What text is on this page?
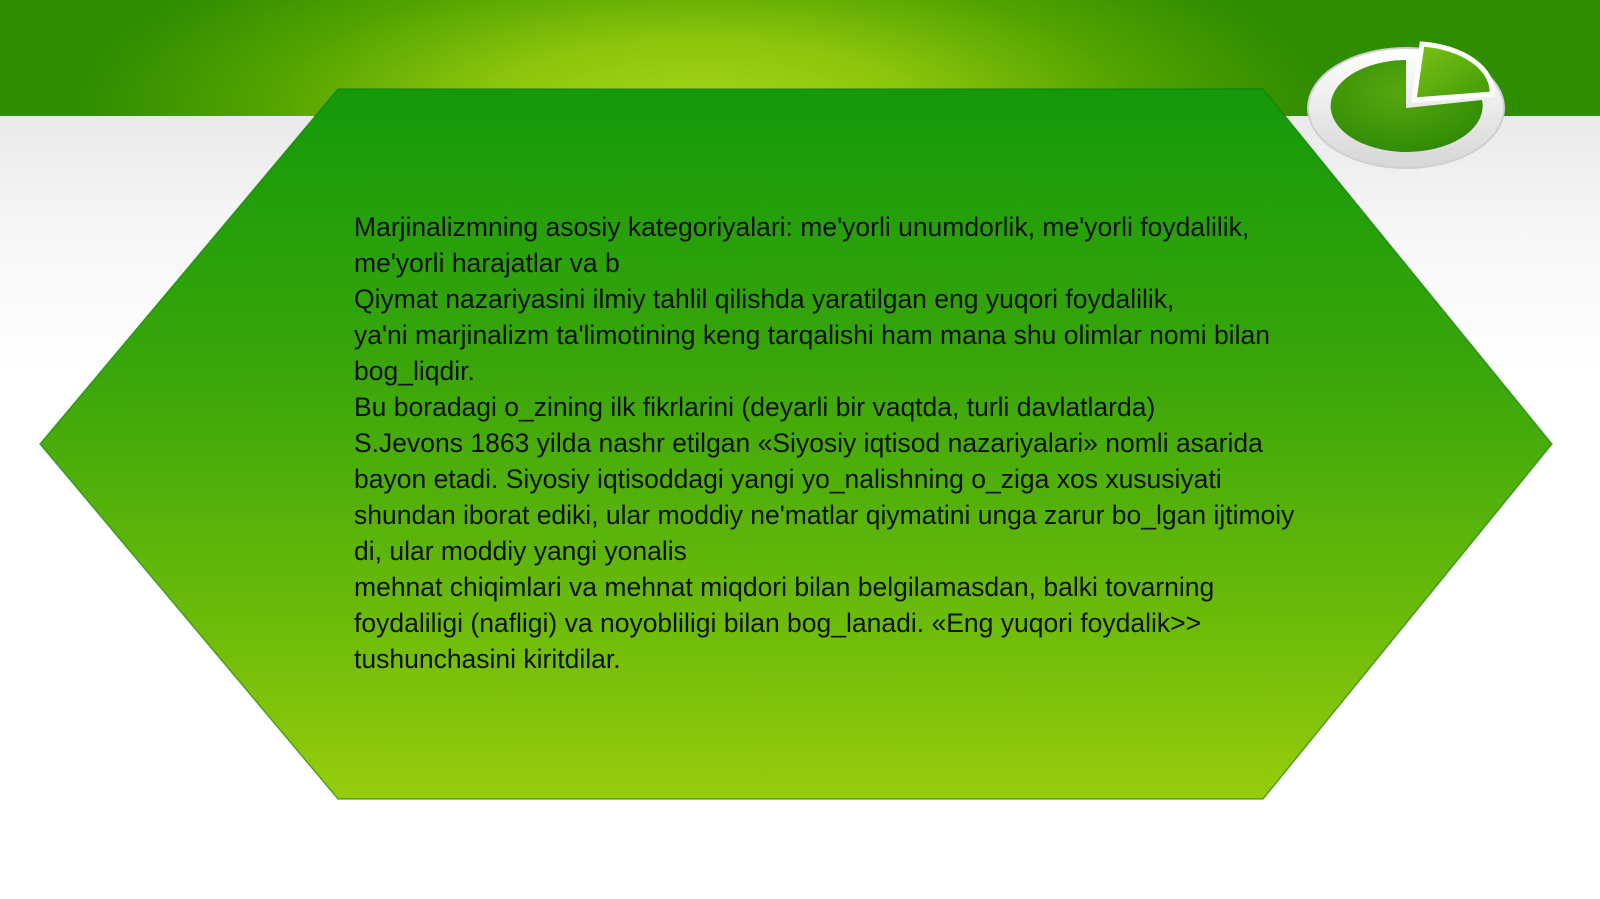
Marjinalizmning asosiy kategoriyalari: me'yorli unumdorlik, me'yorli foydalilik,
me'yorli harajatlar va b
Qiymat nazariyasini ilmiy tahlil qilishda yaratilgan eng yuqori foydalilik,
ya'ni marjinalizm ta'limotining keng tarqalishi ham mana shu olimlar nomi bilan
bog_liqdir.
Bu boradagi o_zining ilk fikrlarini (deyarli bir vaqtda, turli davlatlarda)
S.Jevons 1863 yilda nashr etilgan «Siyosiy iqtisod nazariyalari» nomli asarida
bayon etadi. Siyosiy iqtisoddagi yangi yo_nalishning o_ziga xos xususiyati
shundan iborat ediki, ular moddiy ne'matlar qiymatini unga zarur bo_lgan ijtimoiy
di, ular moddiy yangi yonalis
mehnat chiqimlari va mehnat miqdori bilan belgilamasdan, balki tovarning
foydaliligi (nafligi) va noyobliligi bilan bog_lanadi. «Eng yuqori foydalik>>
tushunchasini kiritdilar.
